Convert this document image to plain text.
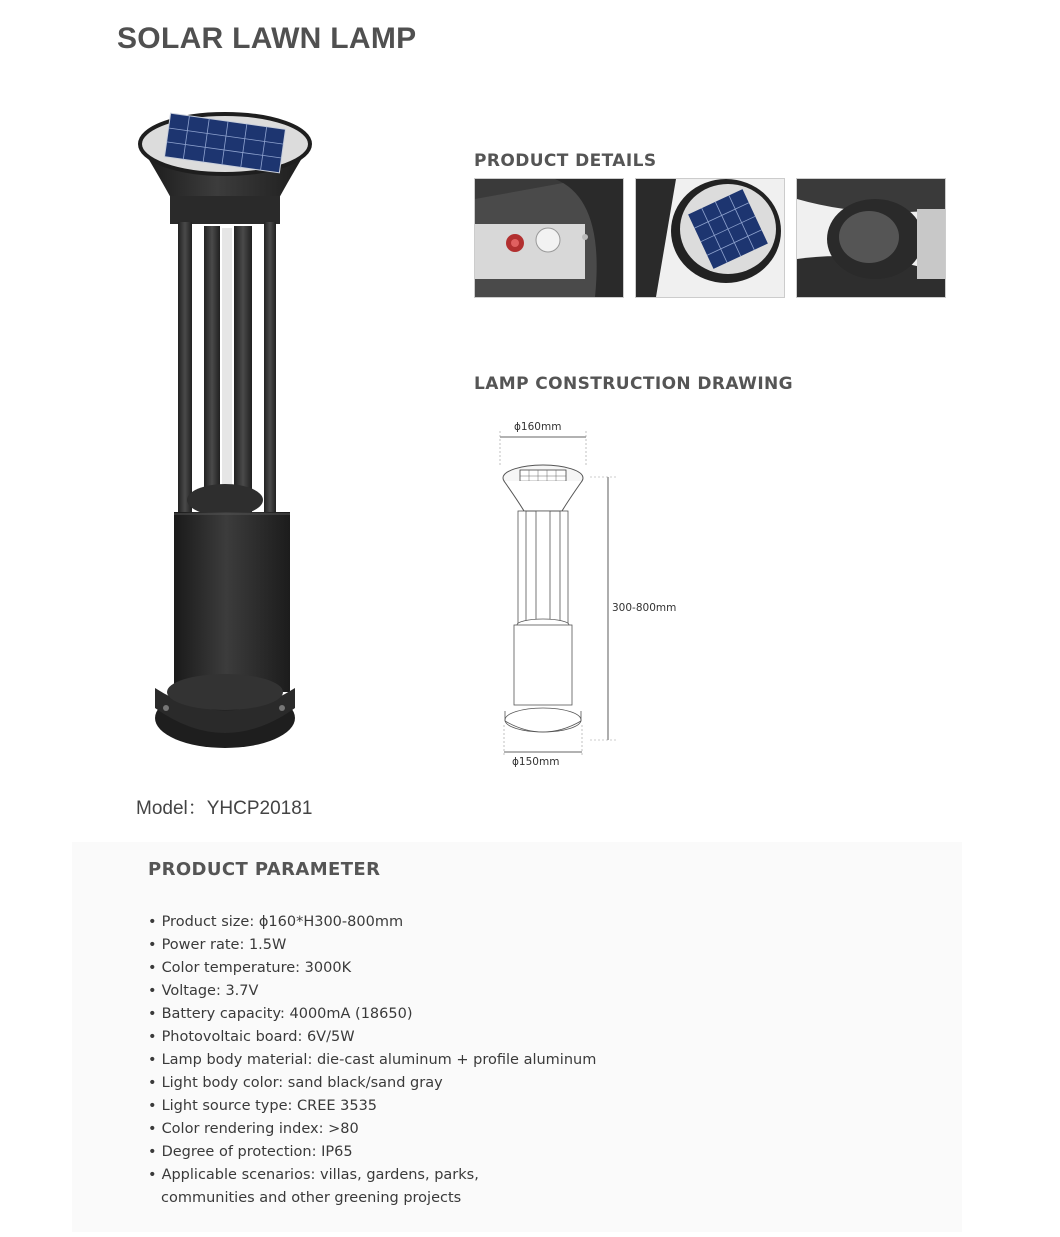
SOLAR LAWN LAMP
Model：YHCP20181
PRODUCT DETAILS
LAMP CONSTRUCTION DRAWING
ϕ160mm
300-800mm
ϕ150mm
PRODUCT PARAMETER
• Product size: ϕ160*H300-800mm
• Power rate: 1.5W
• Color temperature: 3000K
• Voltage: 3.7V
• Battery capacity: 4000mA (18650)
• Photovoltaic board: 6V/5W
• Lamp body material: die-cast aluminum + profile aluminum
• Light body color: sand black/sand gray
• Light source type: CREE 3535
• Color rendering index: >80
• Degree of protection: IP65
• Applicable scenarios: villas, gardens, parks,
communities and other greening projects
